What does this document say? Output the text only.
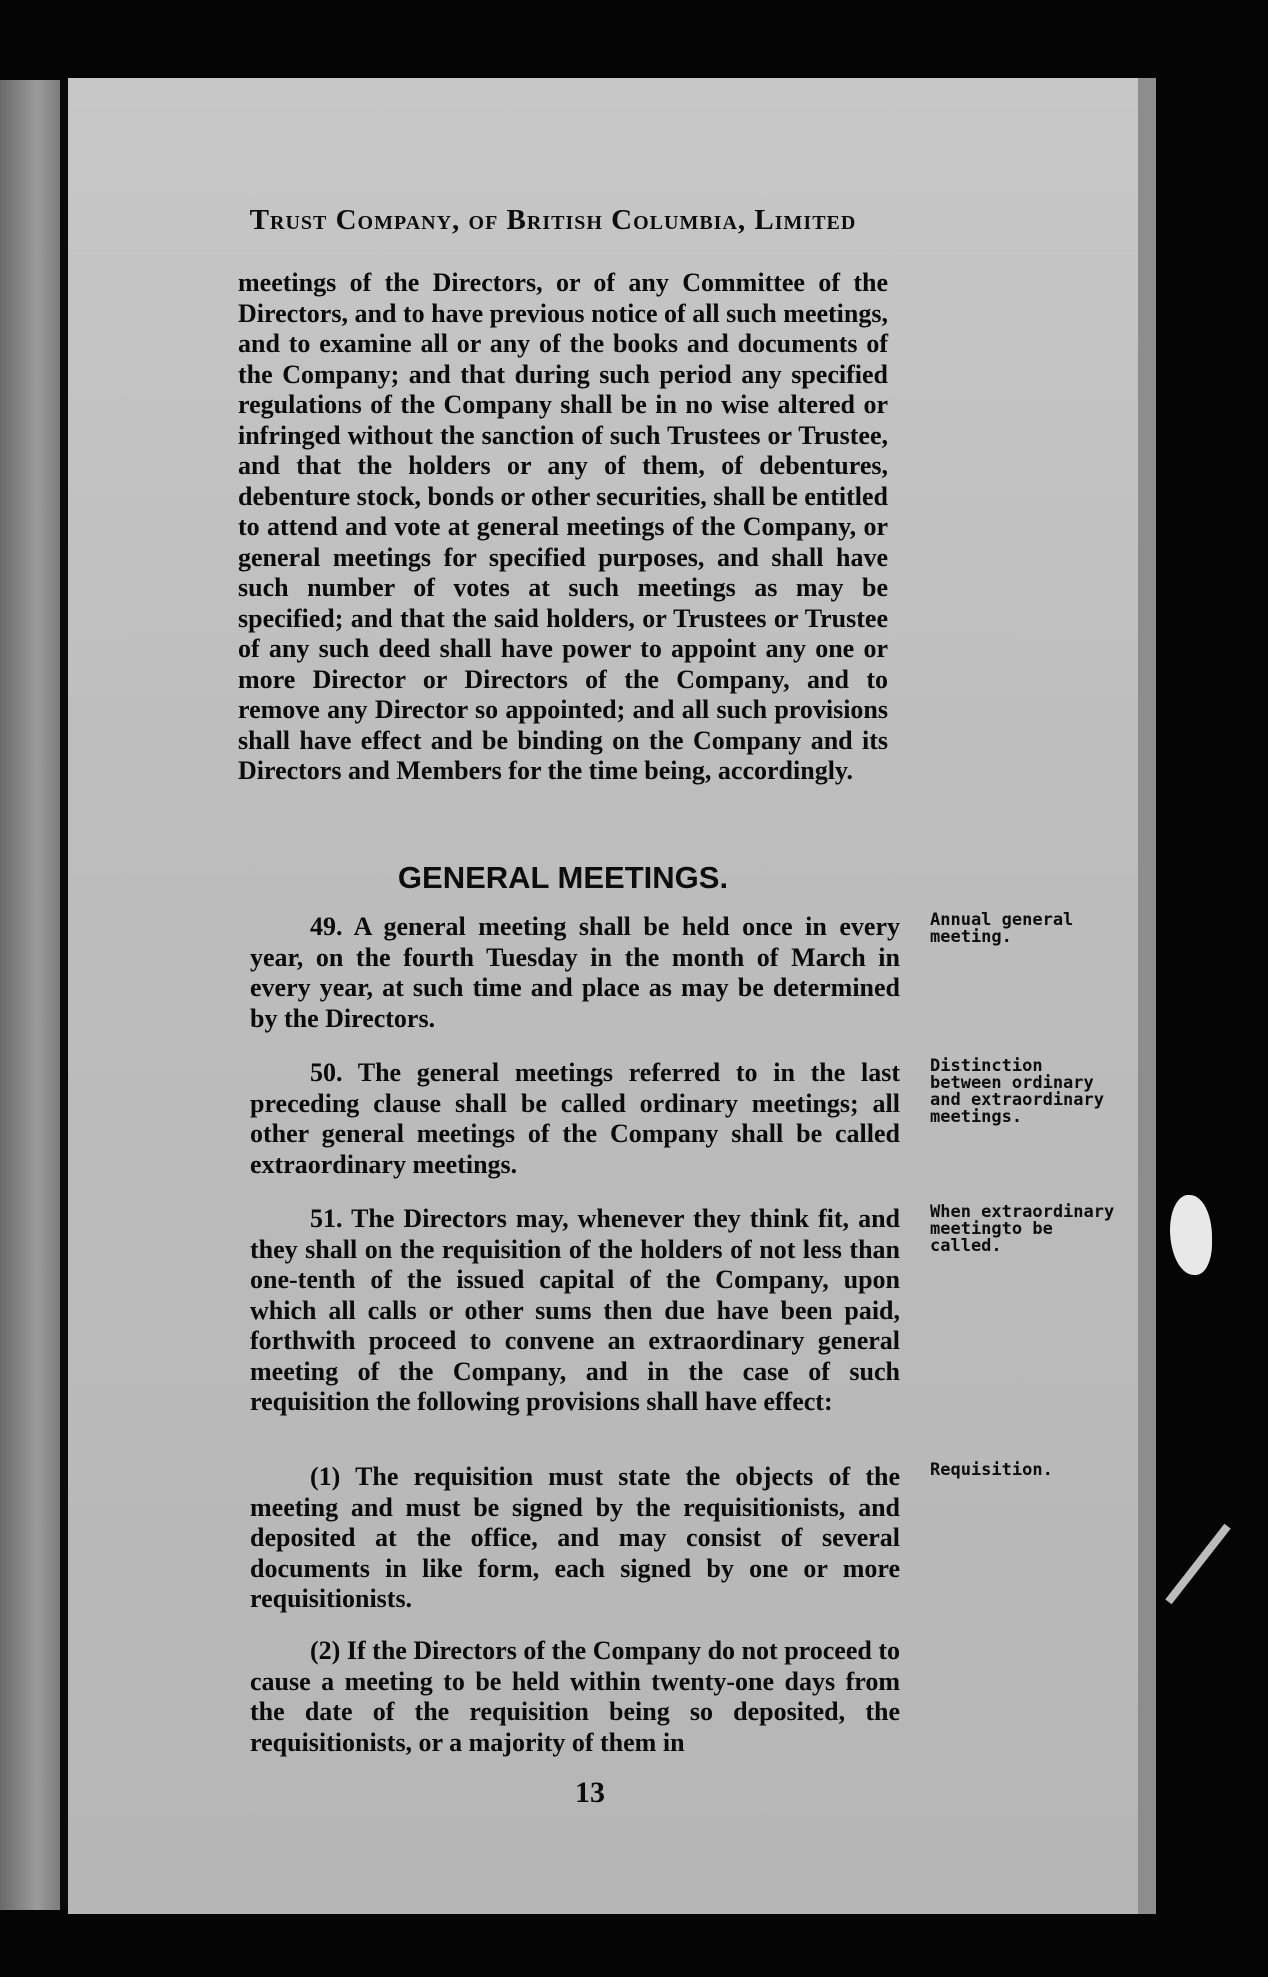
Trust Company, of British Columbia, Limited
meetings of the Directors, or of any Committee of the Directors, and to have previous notice of all such meetings, and to examine all or any of the books and documents of the Company; and that during such period any specified regulations of the Company shall be in no wise altered or infringed without the sanction of such Trustees or Trustee, and that the holders or any of them, of debentures, debenture stock, bonds or other securities, shall be entitled to attend and vote at general meetings of the Company, or general meetings for specified purposes, and shall have such number of votes at such meetings as may be specified; and that the said holders, or Trustees or Trustee of any such deed shall have power to appoint any one or more Director or Directors of the Company, and to remove any Director so appointed; and all such provisions shall have effect and be binding on the Company and its Directors and Members for the time being, accordingly.
GENERAL MEETINGS.
49. A general meeting shall be held once in every year, on the fourth Tuesday in the month of March in every year, at such time and place as may be determined by the Directors.
50. The general meetings referred to in the last preceding clause shall be called ordinary meetings; all other general meetings of the Company shall be called extraordinary meetings.
51. The Directors may, whenever they think fit, and they shall on the requisition of the holders of not less than one-tenth of the issued capital of the Company, upon which all calls or other sums then due have been paid, forthwith proceed to convene an extraordinary general meeting of the Company, and in the case of such requisition the following provisions shall have effect:
(1) The requisition must state the objects of the meeting and must be signed by the requisitionists, and deposited at the office, and may consist of several documents in like form, each signed by one or more requisitionists.
(2) If the Directors of the Company do not proceed to cause a meeting to be held within twenty-one days from the date of the requisition being so deposited, the requisitionists, or a majority of them in
Annual general meeting.
Distinction between ordinary and extraordinary meetings.
When extraordinary meetingto be called.
Requisition.
13
